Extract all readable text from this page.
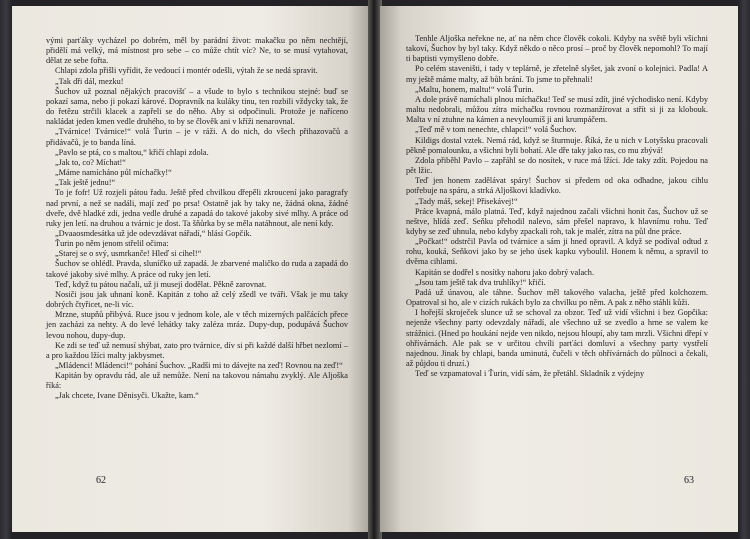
vými parťáky vycházel po dobrém, měl by parádní život: makačku po něm nechtějí, přidělí má velký, má místnost pro sebe – co může chtít víc? Ne, to se musí vytahovat, dělat ze sebe fořta.

Chlapi zdola přišli vyřídit, že vedoucí i montér odešli, výtah že se nedá spravit.

„Tak dři dál, mezku!

Šuchov už poznal nějakých pracovišť – a všude to bylo s technikou stejné: buď se pokazí sama, nebo ji pokazí kárové. Dopravník na kuláky tinu, ten rozbili vždycky tak, že do řetězu strčili klacek a zapřeli se do něho. Aby si odpočinuli. Protože je naříceno nakládat jeden kmen vedle druhého, to by se člověk ani v kříži nenarovnal.

„Tvárnice! Tvárnice!“ volá Ťurin – je v ráži. A do nich, do všech přihazovačů a přidávačů, je to banda líná.

„Pavlo se ptá, co s maltou,“ křičí chlapi zdola.

„Jak to, co? Míchat!“

„Máme namícháno půl míchačky!“

„Tak ještě jednu!“

To je fofr! Už rozjeli pátou řadu. Ještě před chvilkou dřepěli zkroucení jako paragrafy nad první, a než se nadáli, mají zeď po prsa! Ostatně jak by taky ne, žádná okna, žádné dveře, dvě hladké zdi, jedna vedle druhé a zapadá do takové jakoby sivé mlhy. A práce od ruky jen letí. na druhou a tvárnic je dost. Ta šňůrka by se měla natáhnout, ale není kdy.

„Dvaaosmdesátka už jde odevzdávat nářadí,“ hlásí Gopčik.

Ťurin po něm jenom střelil očima:

„Starej se o svý, usmrkanče! Hleď si cihel!“

Šuchov se ohlédl. Pravda, sluníčko už zapadá. Je zbarvené maličko do ruda a zapadá do takové jakoby sivé mlhy. A práce od ruky jen letí.

Teď, když tu pátou načali, už ji musejí dodělat. Pěkně zarovnat.

Nosiči jsou jak uhnaní koně. Kapitán z toho až celý zšedl ve tváři. Však je mu taky dobrých čtyřicet, ne-li víc.

Mrzne, stupňů přibývá. Ruce jsou v jednom kole, ale v těch mizerných palčácích přece jen zacházi za nehty. A do levé lehátky taky zaléza mráz. Dupy-dup, podupává Šuchov levou nohou, dupy-dup.

Ke zdi se teď už nemusí shýbat, zato pro tvárnice, dív si při každé další hřbet nezlomí – a pro každou lžíci malty jakbysmet.

„Mládenci! Mládenci!“ pohání Šuchov. „Radši mi to dávejte na zeď! Rovnou na zeď!“

Kapitán by opravdu rád, ale už nemůže. Není na takovou námahu zvyklý. Ale Aljoška říká:

„Jak chcete, Ivane Děnisyči. Ukažte, kam.“

62

Tenhle Aljoška neřekne ne, ať na něm chce člověk cokoli. Kdyby na světě byli všichni takoví, Šuchov by byl taky. Když někdo o něco prosí – proč by člověk nepomohl? To mají ti baptisti vymyšleno dobře.

Po celém staveništi, i tady v teplárně, je zřetelně slyšet, jak zvoní o kolejnici. Padla! A my ještě máme malty, až bůh brání. To jsme to přehnali!

„Maltu, honem, maltu!“ volá Ťurin.

A dole právě namíchali plnou míchačku! Teď se musí zdít, jiné východisko není. Kdyby maltu nedobrali, můžou zítra míchačku rovnou rozmanžírovat a střít si ji za klobouk. Malta v ní ztuhne na kámen a nevyloumíš ji ani krumpáčem.

„Teď mě v tom nenechte, chlapci!“ volá Šuchov.

Kildigs dostal vztek. Nemá rád, když se šturmuje. Říká, že u nich v Lotyšsku pracovali pěkně pomalounku, a všichni byli bohatí. Ale dře taky jako ras, co mu zbývá!

Zdola přiběhl Pavlo – zapřáhl se do nosítek, v ruce má lžíci. Jde taky zdít. Pojedou na pět lžic.

Teď jen honem zadělávat spáry! Šuchov si předem od oka odhadne, jakou cihlu potřebuje na spáru, a strká Aljoškovi kladívko.

„Tady máš, sekej! Přisekávej!“

Práce kvapná, málo platná. Teď, když najednou začali všichni honit čas, Šuchov už se neštve, hlídá zeď. Seňku přehodil nalevo, sám přešel napravo, k hlavnímu rohu. Teď kdyby se zeď uhnula, nebo kdyby zpackali roh, tak je malér, zítra na půl dne práce.

„Počkat!“ odstrčil Pavla od tvárnice a sám ji hned opravil. A když se podíval odtud z rohu, kouká, Seňkovi jako by se jeho úsek kapku vyboulil. Honem k němu, a spravil to dvěma cihlami.

Kapitán se dodřel s nosítky nahoru jako dobrý valach.

„Jsou tam ještě tak dva truhlíky!“ křičí.

Padá už únavou, ale táhne. Šuchov měl takového valacha, ještě před kolchozem. Opatroval si ho, ale v cizích rukách bylo za chvilku po něm. A pak z něho stáhli kůži.

I hořejší skroječek slunce už se schoval za obzor. Teď už vidí všichni i bez Gopčika: nejenže všechny party odevzdaly nářadí, ale všechno už se zvedlo a hrne se valem ke strážnici. (Hned po houkání nejde ven nikdo, nejsou hloupí, aby tam mrzli. Všichni dřepí v ohřívárnách. Ale pak se v určitou chvíli parťáci domluví a všechny party vystřelí najednou. Jinak by chlapi, banda uminutá, čučeli v těch ohřívárnách do půlnoci a čekali, až půjdou ti druzí.)

Teď se vzpamatoval i Ťurin, vidí sám, že přetáhl. Skladník z výdejny

63
